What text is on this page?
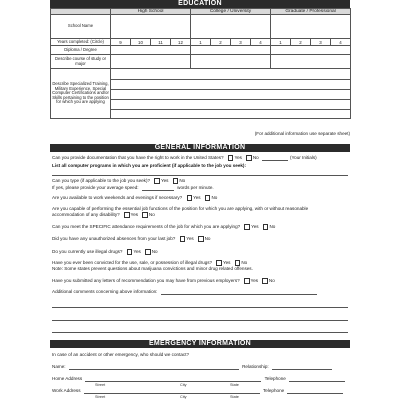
EDUCATION
	High School				College / University				Graduate / Professional			
School Name												
Years completed: (Circle)	9	10	11	12	1	2	3	4	1	2	3	4
Diploma / Degree												
Describe course of study or major												
Describe Specialized Training, Military Experience, Special Computer Certifications and/or Skills pertaining to the position for which you are applying												
(For additional information use separate sheet)
GENERAL INFORMATION
Can you provide documentation that you have the right to work in the United States? Yes No	(Your Initials)
List all computer programs in which you are proficient (if applicable to the job you seek):
Can you type (if applicable to the job you seek)? Yes No
If yes, please provide your average speed:	words per minute.
Are you available to work weekends and evenings if necessary? Yes No
Are you capable of performing the essential job functions of the position for which you are applying, with or without reasonable
accommodation of any disability? Yes No
Can you meet the SPECIFIC attendance requirements of the job for which you are applying? Yes No
Did you have any unauthorized absences from your last job? Yes No
Do you currently use illegal drugs? Yes No
Have you ever been convicted for the use, sale, or possession of illegal drugs? Yes No
Note: Some states prevent questions about marijuana convictions and minor drug related offenses.
Have you submitted any letters of recommendation you may have from previous employers? Yes No
Additional comments concerning above information:
EMERGENCY INFORMATION
In case of an accident or other emergency, who should we contact?
Name:	Relationship:
Home Address	Telephone
Street	City	State
Work Address	Telephone
Street	City	State
